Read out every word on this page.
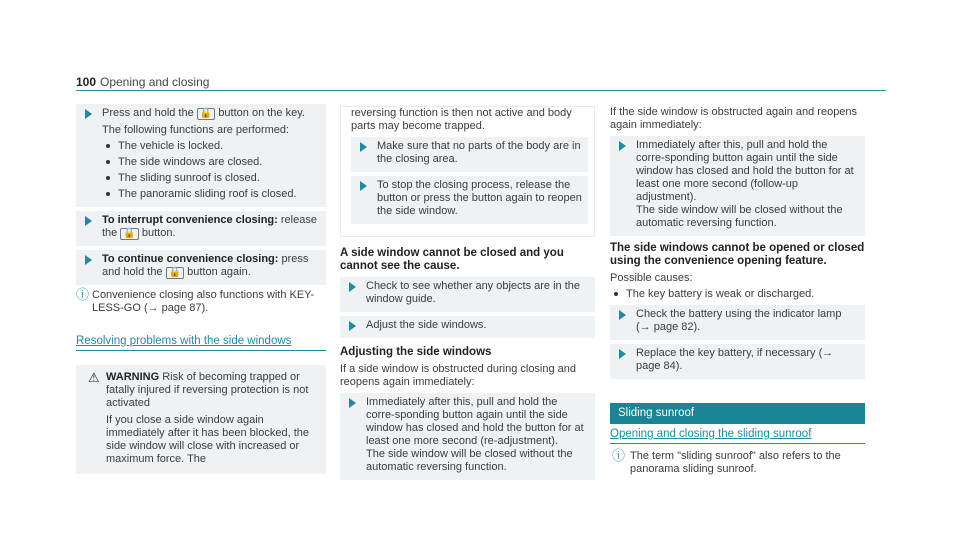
100 Opening and closing
Press and hold the 🔒 button on the key.
The following functions are performed:
The vehicle is locked.
The side windows are closed.
The sliding sunroof is closed.
The panoramic sliding roof is closed.
To interrupt convenience closing: release the 🔒 button.
To continue convenience closing: press and hold the 🔒 button again.
ⓘ Convenience closing also functions with KEY-LESS-GO (→ page 87).
Resolving problems with the side windows
⚠ WARNING Risk of becoming trapped or fatally injured if reversing protection is not activated
If you close a side window again immediately after it has been blocked, the side window will close with increased or maximum force. The
reversing function is then not active and body parts may become trapped.
Make sure that no parts of the body are in the closing area.
To stop the closing process, release the button or press the button again to reopen the side window.
A side window cannot be closed and you cannot see the cause.
Check to see whether any objects are in the window guide.
Adjust the side windows.
Adjusting the side windows
If a side window is obstructed during closing and reopens again immediately:
Immediately after this, pull and hold the corre-sponding button again until the side window has closed and hold the button for at least one more second (re-adjustment).
The side window will be closed without the automatic reversing function.
If the side window is obstructed again and reopens again immediately:
Immediately after this, pull and hold the corre-sponding button again until the side window has closed and hold the button for at least one more second (follow-up adjustment).
The side window will be closed without the automatic reversing function.
The side windows cannot be opened or closed using the convenience opening feature.
Possible causes:
The key battery is weak or discharged.
Check the battery using the indicator lamp (→ page 82).
Replace the key battery, if necessary (→ page 84).
Sliding sunroof
Opening and closing the sliding sunroof
ⓘ The term "sliding sunroof" also refers to the panorama sliding sunroof.
